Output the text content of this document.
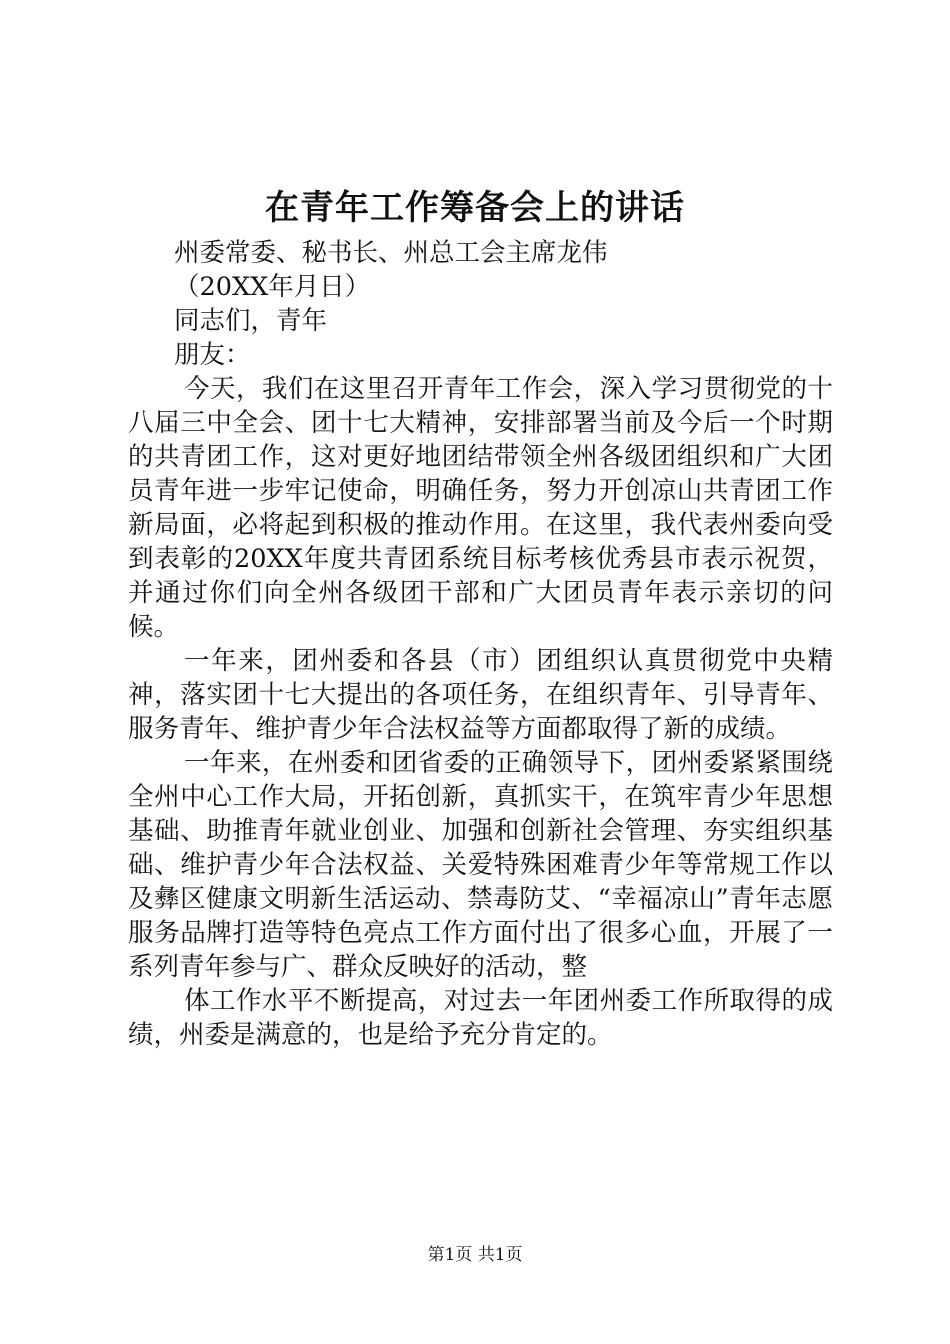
在青年工作筹备会上的讲话
州委常委、秘书长、州总工会主席龙伟
（20XX年月日）
同志们，青年
朋友：

今天，我们在这里召开青年工作会，深入学习贯彻党的十八届三中全会、团十七大精神，安排部署当前及今后一个时期的共青团工作，这对更好地团结带领全州各级团组织和广大团员青年进一步牢记使命，明确任务，努力开创凉山共青团工作新局面，必将起到积极的推动作用。在这里，我代表州委向受到表彰的20XX年度共青团系统目标考核优秀县市表示祝贺，并通过你们向全州各级团干部和广大团员青年表示亲切的问候。

一年来，团州委和各县（市）团组织认真贯彻党中央精神，落实团十七大提出的各项任务，在组织青年、引导青年、服务青年、维护青少年合法权益等方面都取得了新的成绩。

一年来，在州委和团省委的正确领导下，团州委紧紧围绕全州中心工作大局，开拓创新，真抓实干，在筑牢青少年思想基础、助推青年就业创业、加强和创新社会管理、夯实组织基础、维护青少年合法权益、关爱特殊困难青少年等常规工作以及彝区健康文明新生活运动、禁毒防艾、“幸福凉山”青年志愿服务品牌打造等特色亮点工作方面付出了很多心血，开展了一系列青年参与广、群众反映好的活动，整

体工作水平不断提高，对过去一年团州委工作所取得的成绩，州委是满意的，也是给予充分肯定的。

第1页 共1页
